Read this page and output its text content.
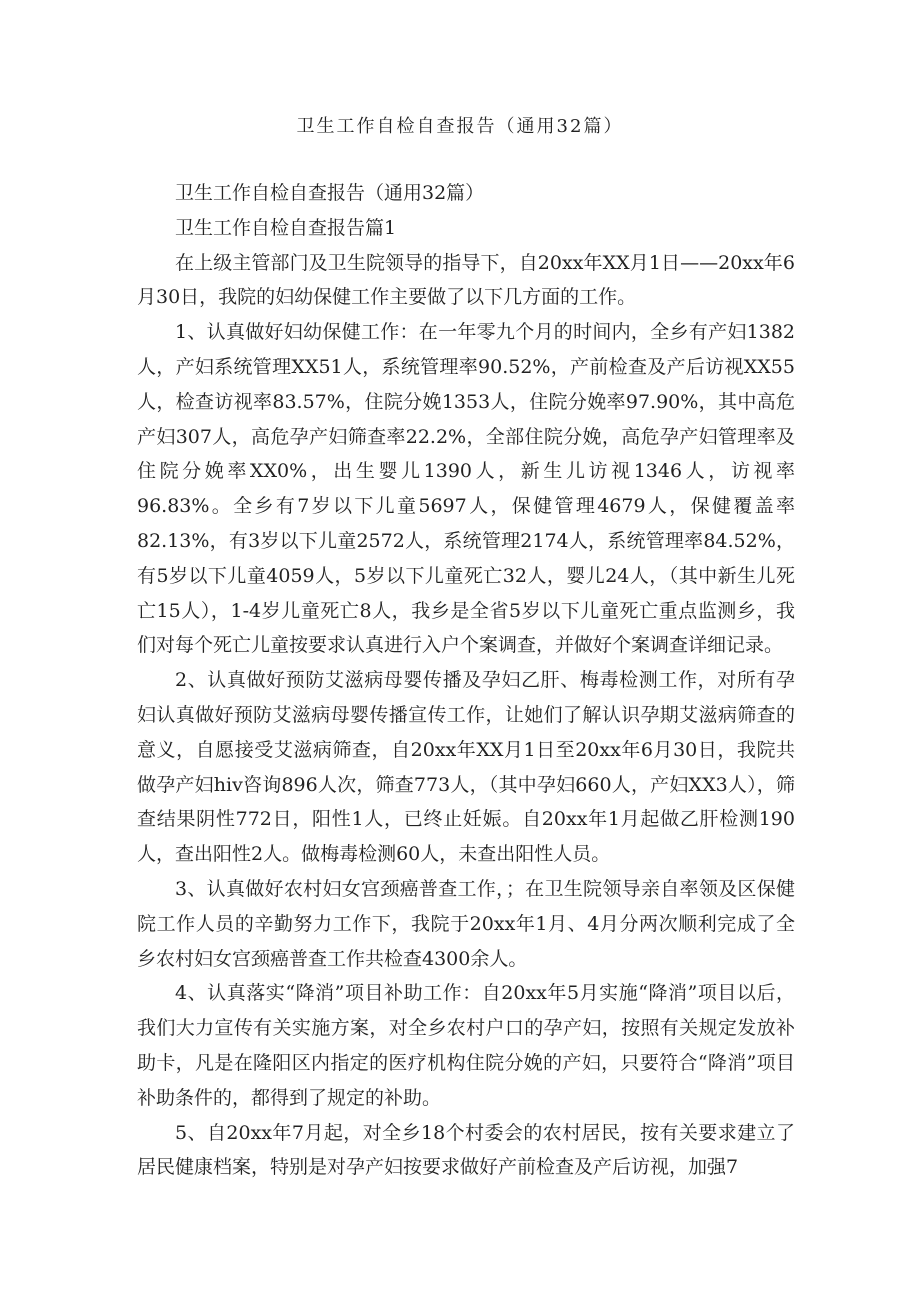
卫生工作自检自查报告（通用32篇）

卫生工作自检自查报告（通用32篇）

卫生工作自检自查报告篇1

在上级主管部门及卫生院领导的指导下，自20xx年XX月1日——20xx年6月30日，我院的妇幼保健工作主要做了以下几方面的工作。

1、认真做好妇幼保健工作：在一年零九个月的时间内，全乡有产妇1382人，产妇系统管理XX51人，系统管理率90.52%，产前检查及产后访视XX55人，检查访视率83.57%，住院分娩1353人，住院分娩率97.90%，其中高危产妇307人，高危孕产妇筛查率22.2%，全部住院分娩，高危孕产妇管理率及住院分娩率XX0%，出生婴儿1390人，新生儿访视1346人，访视率96.83%。全乡有7岁以下儿童5697人，保健管理4679人，保健覆盖率82.13%，有3岁以下儿童2572人，系统管理2174人，系统管理率84.52%，有5岁以下儿童4059人，5岁以下儿童死亡32人，婴儿24人，（其中新生儿死亡15人），1-4岁儿童死亡8人，我乡是全省5岁以下儿童死亡重点监测乡，我们对每个死亡儿童按要求认真进行入户个案调查，并做好个案调查详细记录。

2、认真做好预防艾滋病母婴传播及孕妇乙肝、梅毒检测工作，对所有孕妇认真做好预防艾滋病母婴传播宣传工作，让她们了解认识孕期艾滋病筛查的意义，自愿接受艾滋病筛查，自20xx年XX月1日至20xx年6月30日，我院共做孕产妇hiv咨询896人次，筛查773人，（其中孕妇660人，产妇XX3人），筛查结果阴性772日，阳性1人，已终止妊娠。自20xx年1月起做乙肝检测190人，查出阳性2人。做梅毒检测60人，未查出阳性人员。

3、认真做好农村妇女宫颈癌普查工作，；在卫生院领导亲自率领及区保健院工作人员的辛勤努力工作下，我院于20xx年1月、4月分两次顺利完成了全乡农村妇女宫颈癌普查工作共检查4300余人。

4、认真落实“降消”项目补助工作：自20xx年5月实施“降消”项目以后，我们大力宣传有关实施方案，对全乡农村户口的孕产妇，按照有关规定发放补助卡，凡是在隆阳区内指定的医疗机构住院分娩的产妇，只要符合“降消”项目补助条件的，都得到了规定的补助。

5、自20xx年7月起，对全乡18个村委会的农村居民，按有关要求建立了居民健康档案，特别是对孕产妇按要求做好产前检查及产后访视，加强7
